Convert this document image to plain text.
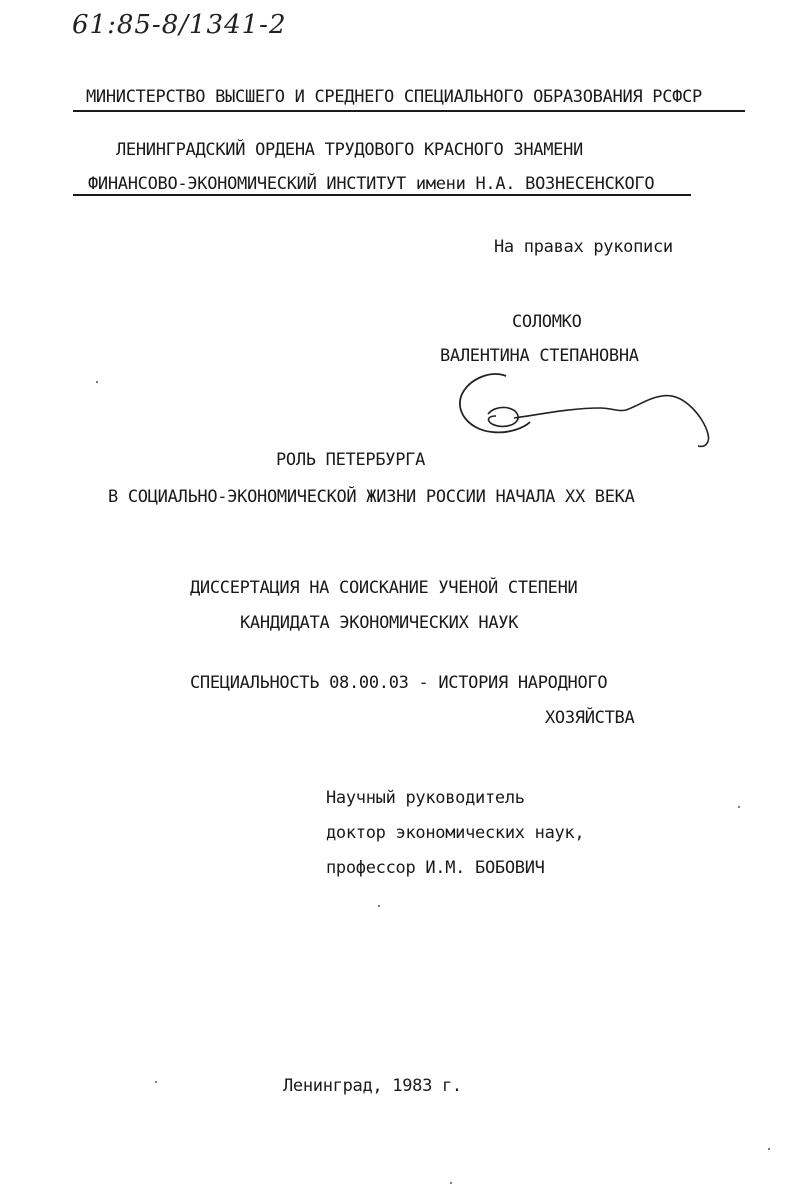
61:85-8/1341-2
МИНИСТЕРСТВО ВЫСШЕГО И СРЕДНЕГО СПЕЦИАЛЬНОГО ОБРАЗОВАНИЯ РСФСР
ЛЕНИНГРАДСКИЙ ОРДЕНА ТРУДОВОГО КРАСНОГО ЗНАМЕНИ
ФИНАНСОВО-ЭКОНОМИЧЕСКИЙ ИНСТИТУТ имени Н.А. ВОЗНЕСЕНСКОГО
На правах рукописи
СОЛОМКО
ВАЛЕНТИНА СТЕПАНОВНА
РОЛЬ ПЕТЕРБУРГА
В СОЦИАЛЬНО-ЭКОНОМИЧЕСКОЙ ЖИЗНИ РОССИИ НАЧАЛА XX ВЕКА
ДИССЕРТАЦИЯ НА СОИСКАНИЕ УЧЕНОЙ СТЕПЕНИ
КАНДИДАТА ЭКОНОМИЧЕСКИХ НАУК
СПЕЦИАЛЬНОСТЬ 08.00.03 - ИСТОРИЯ НАРОДНОГО
ХОЗЯЙСТВА
Научный руководитель
доктор экономических наук,
профессор И.М. БОБОВИЧ
Ленинград, 1983 г.
